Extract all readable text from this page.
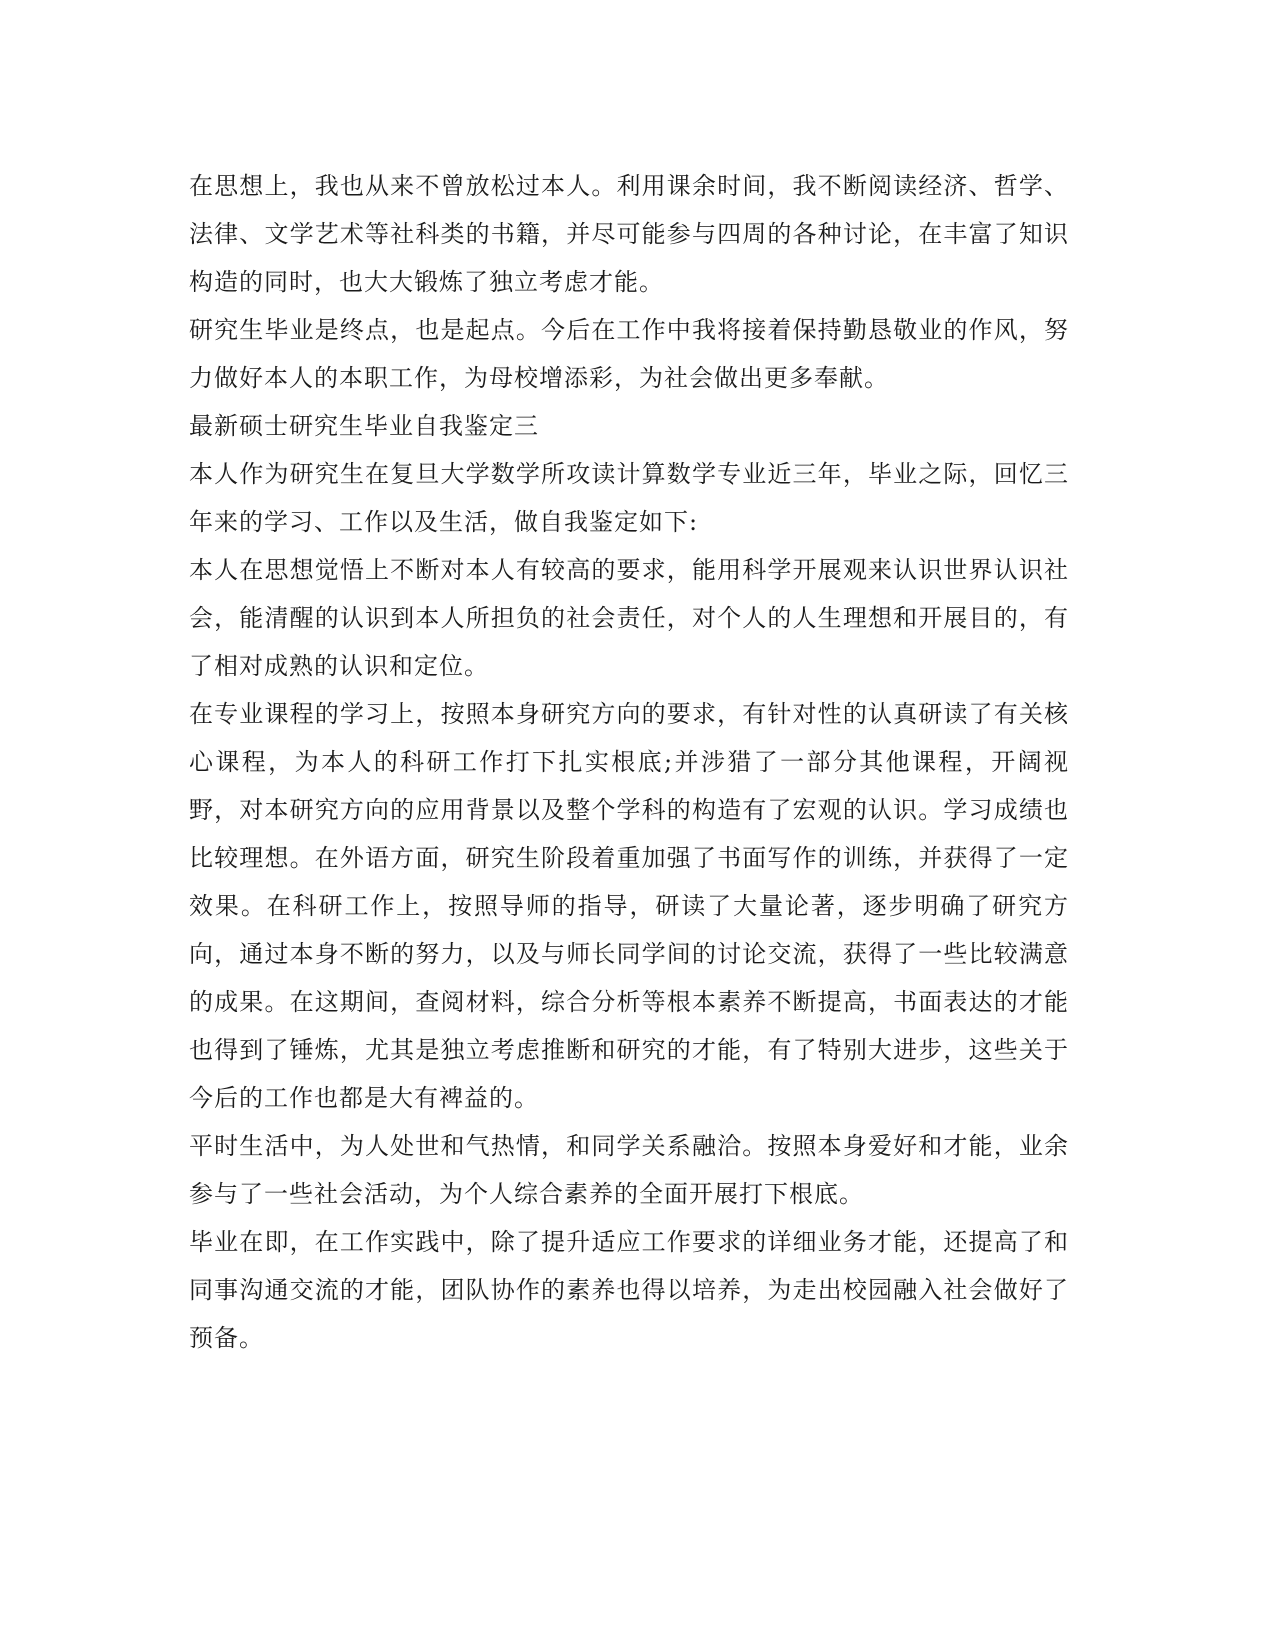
在思想上，我也从来不曾放松过本人。利用课余时间，我不断阅读经济、哲学、法律、文学艺术等社科类的书籍，并尽可能参与四周的各种讨论，在丰富了知识构造的同时，也大大锻炼了独立考虑才能。

研究生毕业是终点，也是起点。今后在工作中我将接着保持勤恳敬业的作风，努力做好本人的本职工作，为母校增添彩，为社会做出更多奉献。

最新硕士研究生毕业自我鉴定三

本人作为研究生在复旦大学数学所攻读计算数学专业近三年，毕业之际，回忆三年来的学习、工作以及生活，做自我鉴定如下:

本人在思想觉悟上不断对本人有较高的要求，能用科学开展观来认识世界认识社会，能清醒的认识到本人所担负的社会责任，对个人的人生理想和开展目的，有了相对成熟的认识和定位。

在专业课程的学习上，按照本身研究方向的要求，有针对性的认真研读了有关核心课程，为本人的科研工作打下扎实根底;并涉猎了一部分其他课程，开阔视野，对本研究方向的应用背景以及整个学科的构造有了宏观的认识。学习成绩也比较理想。在外语方面，研究生阶段着重加强了书面写作的训练，并获得了一定效果。在科研工作上，按照导师的指导，研读了大量论著，逐步明确了研究方向，通过本身不断的努力，以及与师长同学间的讨论交流，获得了一些比较满意的成果。在这期间，查阅材料，综合分析等根本素养不断提高，书面表达的才能也得到了锤炼，尤其是独立考虑推断和研究的才能，有了特别大进步，这些关于今后的工作也都是大有裨益的。

平时生活中，为人处世和气热情，和同学关系融洽。按照本身爱好和才能，业余参与了一些社会活动，为个人综合素养的全面开展打下根底。

毕业在即，在工作实践中，除了提升适应工作要求的详细业务才能，还提高了和同事沟通交流的才能，团队协作的素养也得以培养，为走出校园融入社会做好了预备。
